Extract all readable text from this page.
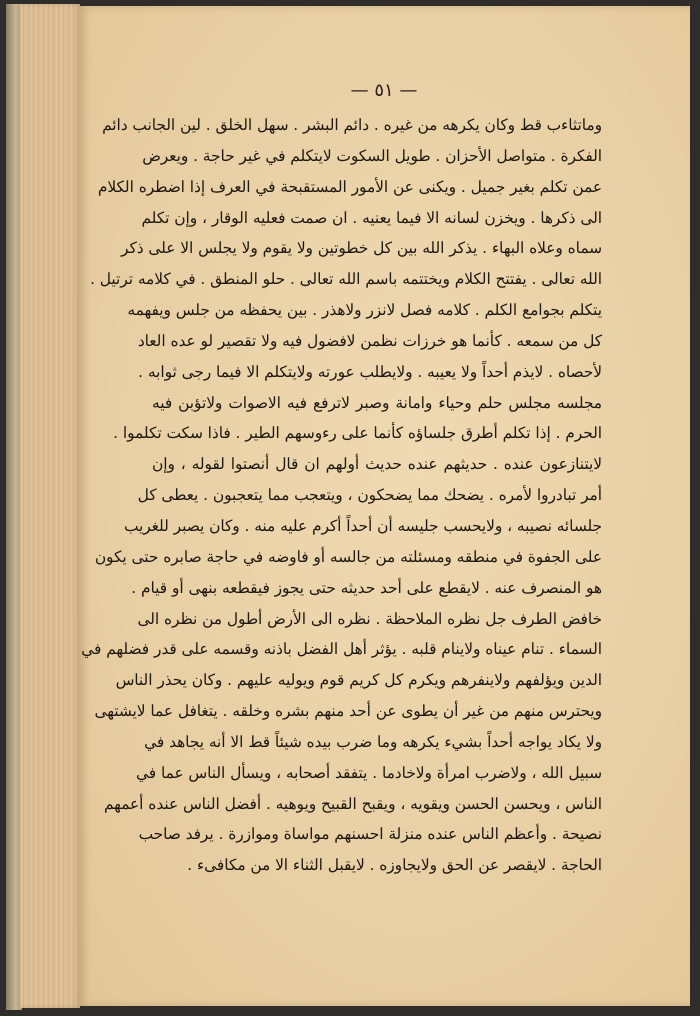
— ٥١ —
وماتثاءب قط وكان يكرهه من غيره . دائم البشر . سهل الخلق . لين الجانب دائم
الفكرة . متواصل الأحزان . طويل السكوت لايتكلم في غير حاجة . ويعرض
عمن تكلم بغير جميل . ويكنى عن الأمور المستقبحة في العرف إذا اضطره الكلام
الى ذكرها . ويخزن لسانه الا فيما يعنيه . ان صمت فعليه الوقار ، وإن تكلم
سماه وعلاه البهاء . يذكر الله بين كل خطوتين ولا يقوم ولا يجلس الا على ذكر
الله تعالى . يفتتح الكلام ويختتمه باسم الله تعالى . حلو المنطق . في كلامه ترتيل .
يتكلم بجوامع الكلم . كلامه فصل لانزر ولاهذر . بين يحفظه من جلس ويفهمه
كل من سمعه . كأنما هو خرزات نظمن لافضول فيه ولا تقصير لو عده العاد
لأحصاه . لايذم أحداً ولا يعيبه . ولايطلب عورته ولايتكلم الا فيما رجى ثوابه .
مجلسه مجلس حلم وحياء وامانة وصبر لاترفع فيه الاصوات ولاتؤبن فيه
الحرم . إذا تكلم أطرق جلساؤه كأنما على رءوسهم الطير . فاذا سكت تكلموا .
لايتنازعون عنده . حديثهم عنده حديث أولهم ان قال أنصتوا لقوله ، وإن
أمر تبادروا لأمره . يضحك مما يضحكون ، ويتعجب مما يتعجبون . يعطى كل
جلسائه نصيبه ، ولايحسب جليسه أن أحداً أكرم عليه منه . وكان يصبر للغريب
على الجفوة في منطقه ومسئلته من جالسه أو فاوضه في حاجة صابره حتى يكون
هو المنصرف عنه . لايقطع على أحد حديثه حتى يجوز فيقطعه بنهى أو قيام .
خافض الطرف جل نظره الملاحظة . نظره الى الأرض أطول من نظره الى
السماء . تنام عيناه ولاينام قلبه . يؤثر أهل الفضل باذنه وقسمه على قدر فضلهم في
الدين ويؤلفهم ولاينفرهم ويكرم كل كريم قوم ويوليه عليهم . وكان يحذر الناس
ويحترس منهم من غير أن يطوى عن أحد منهم بشره وخلقه . يتغافل عما لايشتهى
ولا يكاد يواجه أحداً بشيء يكرهه وما ضرب بيده شيئاً قط الا أنه يجاهد في
سبيل الله ، ولاضرب امرأة ولاخادما . يتفقد أصحابه ، ويسأل الناس عما في
الناس ، ويحسن الحسن ويقويه ، ويقبح القبيح ويوهيه . أفضل الناس عنده أعمهم
نصيحة . وأعظم الناس عنده منزلة احسنهم مواساة وموازرة . يرفد صاحب
الحاجة . لايقصر عن الحق ولايجاوزه . لايقبل الثناء الا من مكافىء .
